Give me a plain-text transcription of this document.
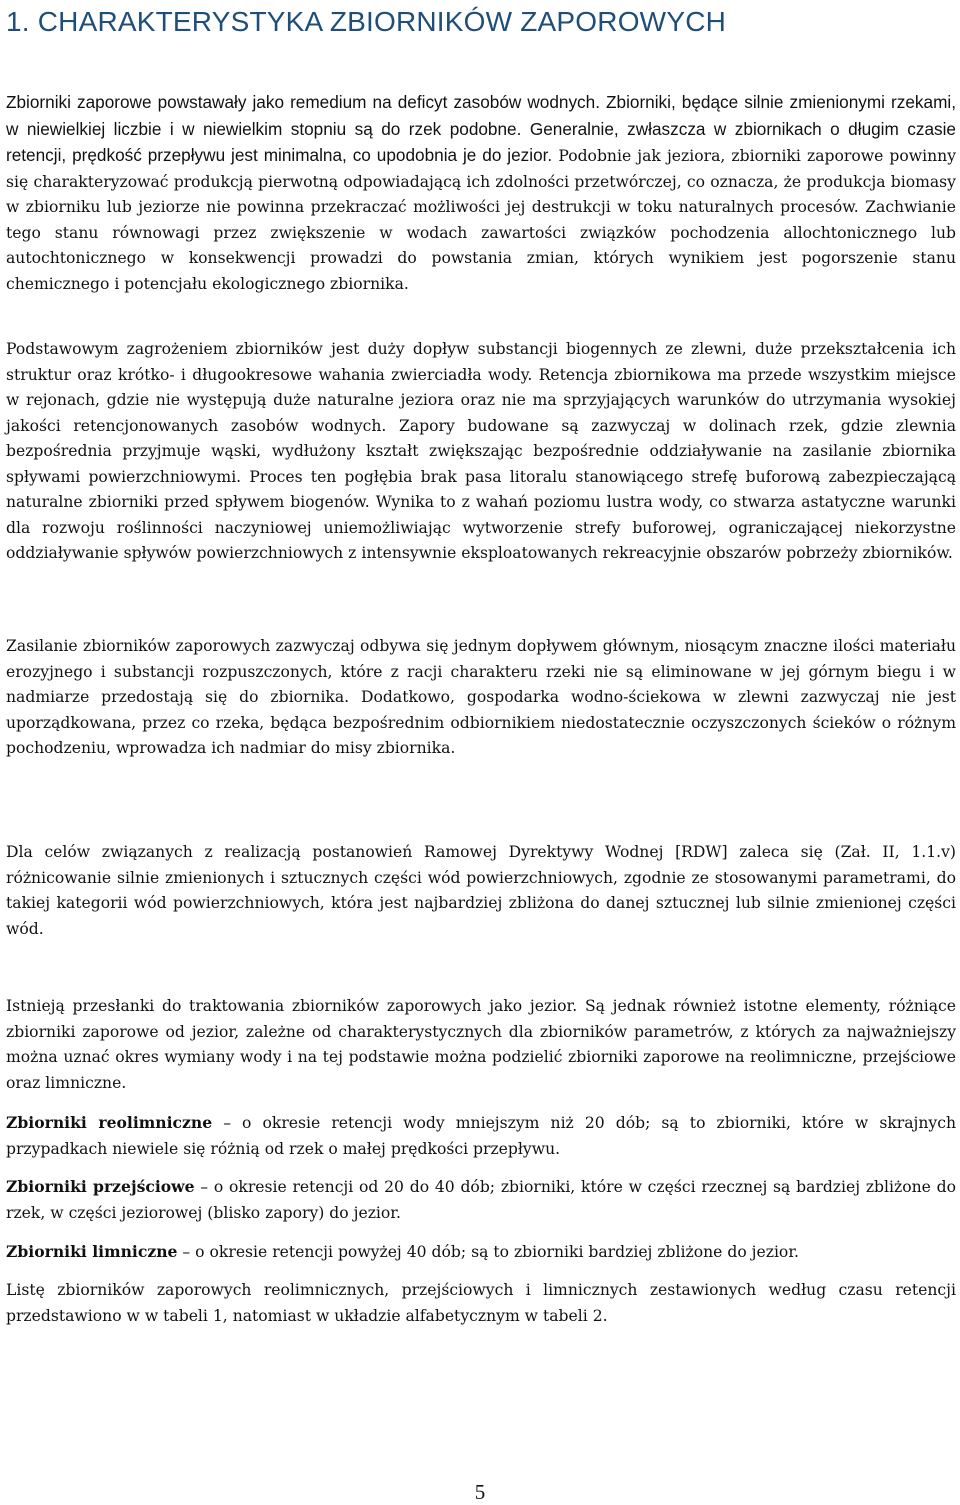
1. CHARAKTERYSTYKA ZBIORNIKÓW ZAPOROWYCH

Zbiorniki zaporowe powstawały jako remedium na deficyt zasobów wodnych. Zbiorniki, będące silnie zmienionymi rzekami, w niewielkiej liczbie i w niewielkim stopniu są do rzek podobne. Generalnie, zwłaszcza w zbiornikach o długim czasie retencji, prędkość przepływu jest minimalna, co upodobnia je do jezior. Podobnie jak jeziora, zbiorniki zaporowe powinny się charakteryzować produkcją pierwotną odpowiadającą ich zdolności przetwórczej, co oznacza, że produkcja biomasy w zbiorniku lub jeziorze nie powinna przekraczać możliwości jej destrukcji w toku naturalnych procesów. Zachwianie tego stanu równowagi przez zwiększenie w wodach zawartości związków pochodzenia allochtonicznego lub autochtonicznego w konsekwencji prowadzi do powstania zmian, których wynikiem jest pogorszenie stanu chemicznego i potencjału ekologicznego zbiornika.

Podstawowym zagrożeniem zbiorników jest duży dopływ substancji biogennych ze zlewni, duże przekształcenia ich struktur oraz krótko- i długookresowe wahania zwierciadła wody. Retencja zbiornikowa ma przede wszystkim miejsce w rejonach, gdzie nie występują duże naturalne jeziora oraz nie ma sprzyjających warunków do utrzymania wysokiej jakości retencjonowanych zasobów wodnych. Zapory budowane są zazwyczaj w dolinach rzek, gdzie zlewnia bezpośrednia przyjmuje wąski, wydłużony kształt zwiększając bezpośrednie oddziaływanie na zasilanie zbiornika spływami powierzchniowymi. Proces ten pogłębia brak pasa litoralu stanowiącego strefę buforową zabezpieczającą naturalne zbiorniki przed spływem biogenów. Wynika to z wahań poziomu lustra wody, co stwarza astatyczne warunki dla rozwoju roślinności naczyniowej uniemożliwiając wytworzenie strefy buforowej, ograniczającej niekorzystne oddziaływanie spływów powierzchniowych z intensywnie eksploatowanych rekreacyjnie obszarów pobrzeży zbiorników.

Zasilanie zbiorników zaporowych zazwyczaj odbywa się jednym dopływem głównym, niosącym znaczne ilości materiału erozyjnego i substancji rozpuszczonych, które z racji charakteru rzeki nie są eliminowane w jej górnym biegu i w nadmiarze przedostają się do zbiornika. Dodatkowo, gospodarka wodno-ściekowa w zlewni zazwyczaj nie jest uporządkowana, przez co rzeka, będąca bezpośrednim odbiornikiem niedostatecznie oczyszczonych ścieków o różnym pochodzeniu, wprowadza ich nadmiar do misy zbiornika.

Dla celów związanych z realizacją postanowień Ramowej Dyrektywy Wodnej [RDW] zaleca się (Zał. II, 1.1.v) różnicowanie silnie zmienionych i sztucznych części wód powierzchniowych, zgodnie ze stosowanymi parametrami, do takiej kategorii wód powierzchniowych, która jest najbardziej zbliżona do danej sztucznej lub silnie zmienionej części wód.

Istnieją przesłanki do traktowania zbiorników zaporowych jako jezior. Są jednak również istotne elementy, różniące zbiorniki zaporowe od jezior, zależne od charakterystycznych dla zbiorników parametrów, z których za najważniejszy można uznać okres wymiany wody i na tej podstawie można podzielić zbiorniki zaporowe na reolimniczne, przejściowe oraz limniczne.

Zbiorniki reolimniczne – o okresie retencji wody mniejszym niż 20 dób; są to zbiorniki, które w skrajnych przypadkach niewiele się różnią od rzek o małej prędkości przepływu.

Zbiorniki przejściowe – o okresie retencji od 20 do 40 dób; zbiorniki, które w części rzecznej są bardziej zbliżone do rzek, w części jeziorowej (blisko zapory) do jezior.

Zbiorniki limniczne – o okresie retencji powyżej 40 dób; są to zbiorniki bardziej zbliżone do jezior.

Listę zbiorników zaporowych reolimnicznych, przejściowych i limnicznych zestawionych według czasu retencji przedstawiono w w tabeli 1, natomiast w układzie alfabetycznym w tabeli 2.

5
